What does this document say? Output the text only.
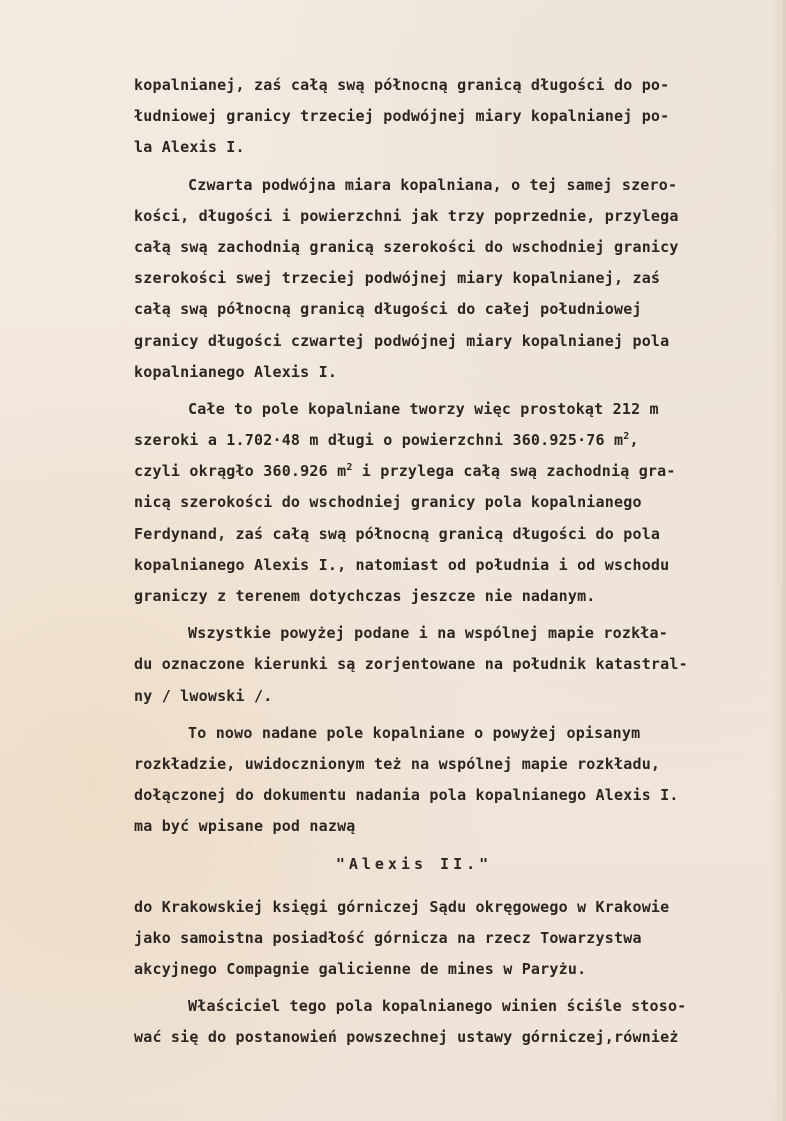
kopalnianej, zaś całą swą północną granicą długości do po-
łudniowej granicy trzeciej podwójnej miary kopalnianej po-
la Alexis I.
Czwarta podwójna miara kopalniana, o tej samej szero-
kości, długości i powierzchni jak trzy poprzednie, przylega
całą swą zachodnią granicą szerokości do wschodniej granicy
szerokości swej trzeciej podwójnej miary kopalnianej, zaś
całą swą północną granicą długości do całej południowej
granicy długości czwartej podwójnej miary kopalnianej pola
kopalnianego Alexis I.
Całe to pole kopalniane tworzy więc prostokąt 212 m
szeroki a 1.702·48 m długi o powierzchni 360.925·76 $m^2$,
czyli okrągło 360.926 $m^2$ i przylega całą swą zachodnią gra-
nicą szerokości do wschodniej granicy pola kopalnianego
Ferdynand, zaś całą swą północną granicą długości do pola
kopalnianego Alexis I., natomiast od południa i od wschodu
graniczy z terenem dotychczas jeszcze nie nadanym.
Wszystkie powyżej podane i na wspólnej mapie rozkła-
du oznaczone kierunki są zorjentowane na południk katastral-
ny / lwowski /.
To nowo nadane pole kopalniane o powyżej opisanym
rozkładzie, uwidocznionym też na wspólnej mapie rozkładu,
dołączonej do dokumentu nadania pola kopalnianego Alexis I.
ma być wpisane pod nazwą
"Alexis II."
do Krakowskiej księgi górniczej Sądu okręgowego w Krakowie
jako samoistna posiadłość górnicza na rzecz Towarzystwa
akcyjnego Compagnie galicienne de mines w Paryżu.
Właściciel tego pola kopalnianego winien ściśle stoso-
wać się do postanowień powszechnej ustawy górniczej,również
